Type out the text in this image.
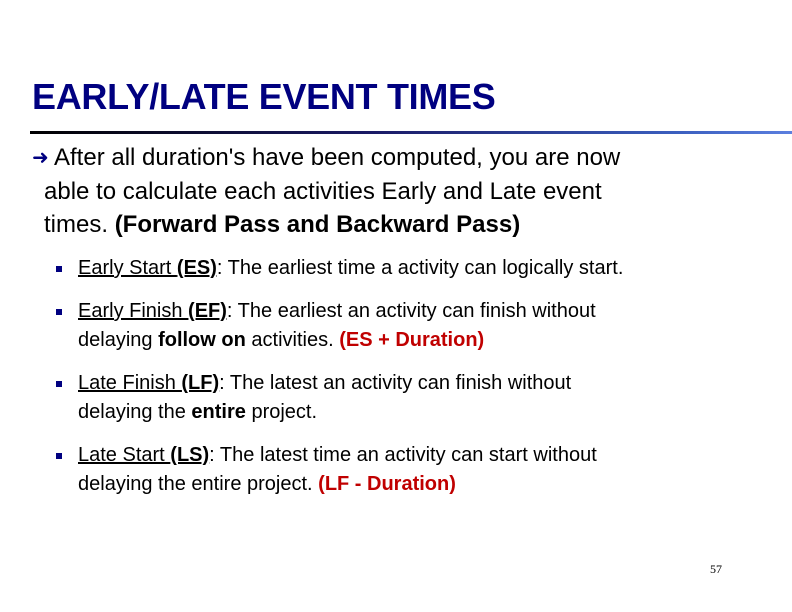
EARLY/LATE EVENT TIMES
➜ After all duration's have been computed, you are now
able to calculate each activities Early and Late event
times. (Forward Pass and Backward Pass)
Early Start (ES): The earliest time a activity can logically start.
Early Finish (EF): The earliest an activity can finish without
delaying follow on activities. (ES + Duration)
Late Finish (LF): The latest an activity can finish without
delaying the entire project.
Late Start (LS): The latest time an activity can start without
delaying the entire project. (LF - Duration)
57
